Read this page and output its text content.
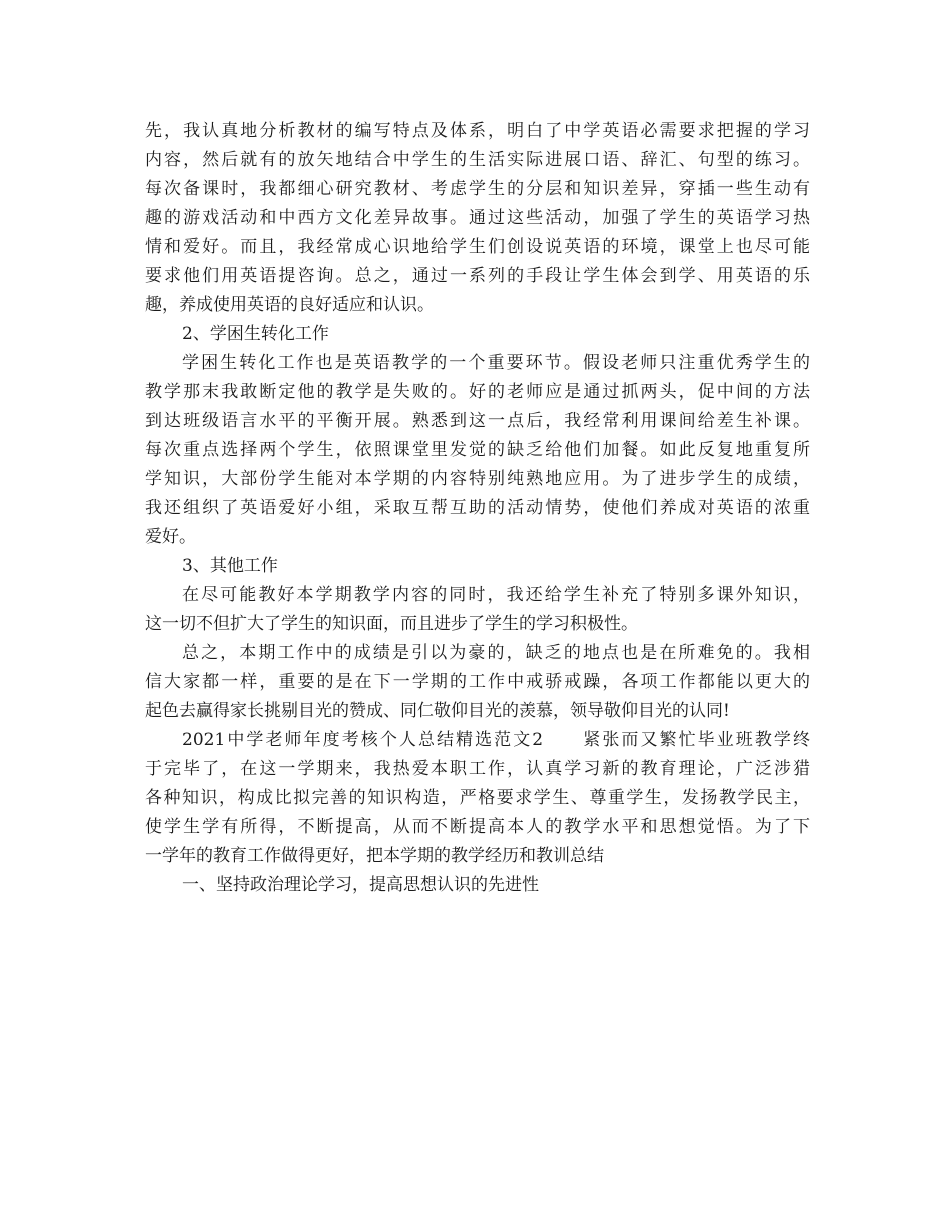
先，我认真地分析教材的编写特点及体系，明白了中学英语必需要求把握的学习
内容，然后就有的放矢地结合中学生的生活实际进展口语、辞汇、句型的练习。
每次备课时，我都细心研究教材、考虑学生的分层和知识差异，穿插一些生动有
趣的游戏活动和中西方文化差异故事。通过这些活动，加强了学生的英语学习热
情和爱好。而且，我经常成心识地给学生们创设说英语的环境，课堂上也尽可能
要求他们用英语提咨询。总之，通过一系列的手段让学生体会到学、用英语的乐
趣，养成使用英语的良好适应和认识。
2、学困生转化工作
学困生转化工作也是英语教学的一个重要环节。假设老师只注重优秀学生的
教学那末我敢断定他的教学是失败的。好的老师应是通过抓两头，促中间的方法
到达班级语言水平的平衡开展。熟悉到这一点后，我经常利用课间给差生补课。
每次重点选择两个学生，依照课堂里发觉的缺乏给他们加餐。如此反复地重复所
学知识，大部份学生能对本学期的内容特别纯熟地应用。为了进步学生的成绩，
我还组织了英语爱好小组，采取互帮互助的活动情势，使他们养成对英语的浓重
爱好。
3、其他工作
在尽可能教好本学期教学内容的同时，我还给学生补充了特别多课外知识，
这一切不但扩大了学生的知识面，而且进步了学生的学习积极性。
总之，本期工作中的成绩是引以为豪的，缺乏的地点也是在所难免的。我相
信大家都一样，重要的是在下一学期的工作中戒骄戒躁，各项工作都能以更大的
起色去赢得家长挑剔目光的赞成、同仁敬仰目光的羡慕，领导敬仰目光的认同!
2021中学老师年度考核个人总结精选范文2　　紧张而又繁忙毕业班教学终
于完毕了，在这一学期来，我热爱本职工作，认真学习新的教育理论，广泛涉猎
各种知识，构成比拟完善的知识构造，严格要求学生、尊重学生，发扬教学民主，
使学生学有所得，不断提高，从而不断提高本人的教学水平和思想觉悟。为了下
一学年的教育工作做得更好，把本学期的教学经历和教训总结
一、坚持政治理论学习，提高思想认识的先进性
